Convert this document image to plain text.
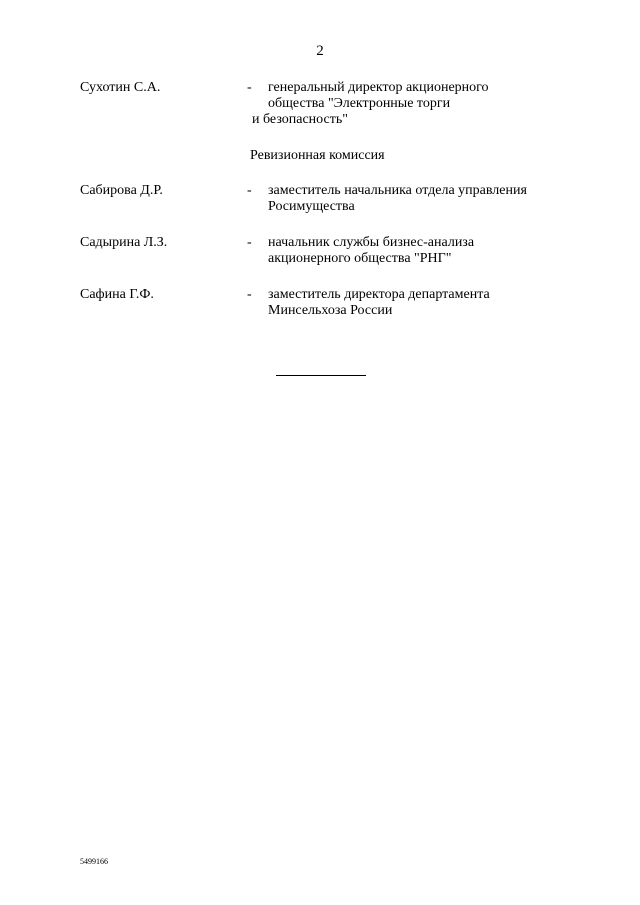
2
Сухотин С.А.	- генеральный директор акционерного
общества "Электронные торги
и безопасность"
Ревизионная комиссия
Сабирова Д.Р.	- заместитель начальника отдела управления
Росимущества
Садырина Л.З.	- начальник службы бизнес-анализа
акционерного общества "РНГ"
Сафина Г.Ф.	- заместитель директора департамента
Минсельхоза России
5499166
